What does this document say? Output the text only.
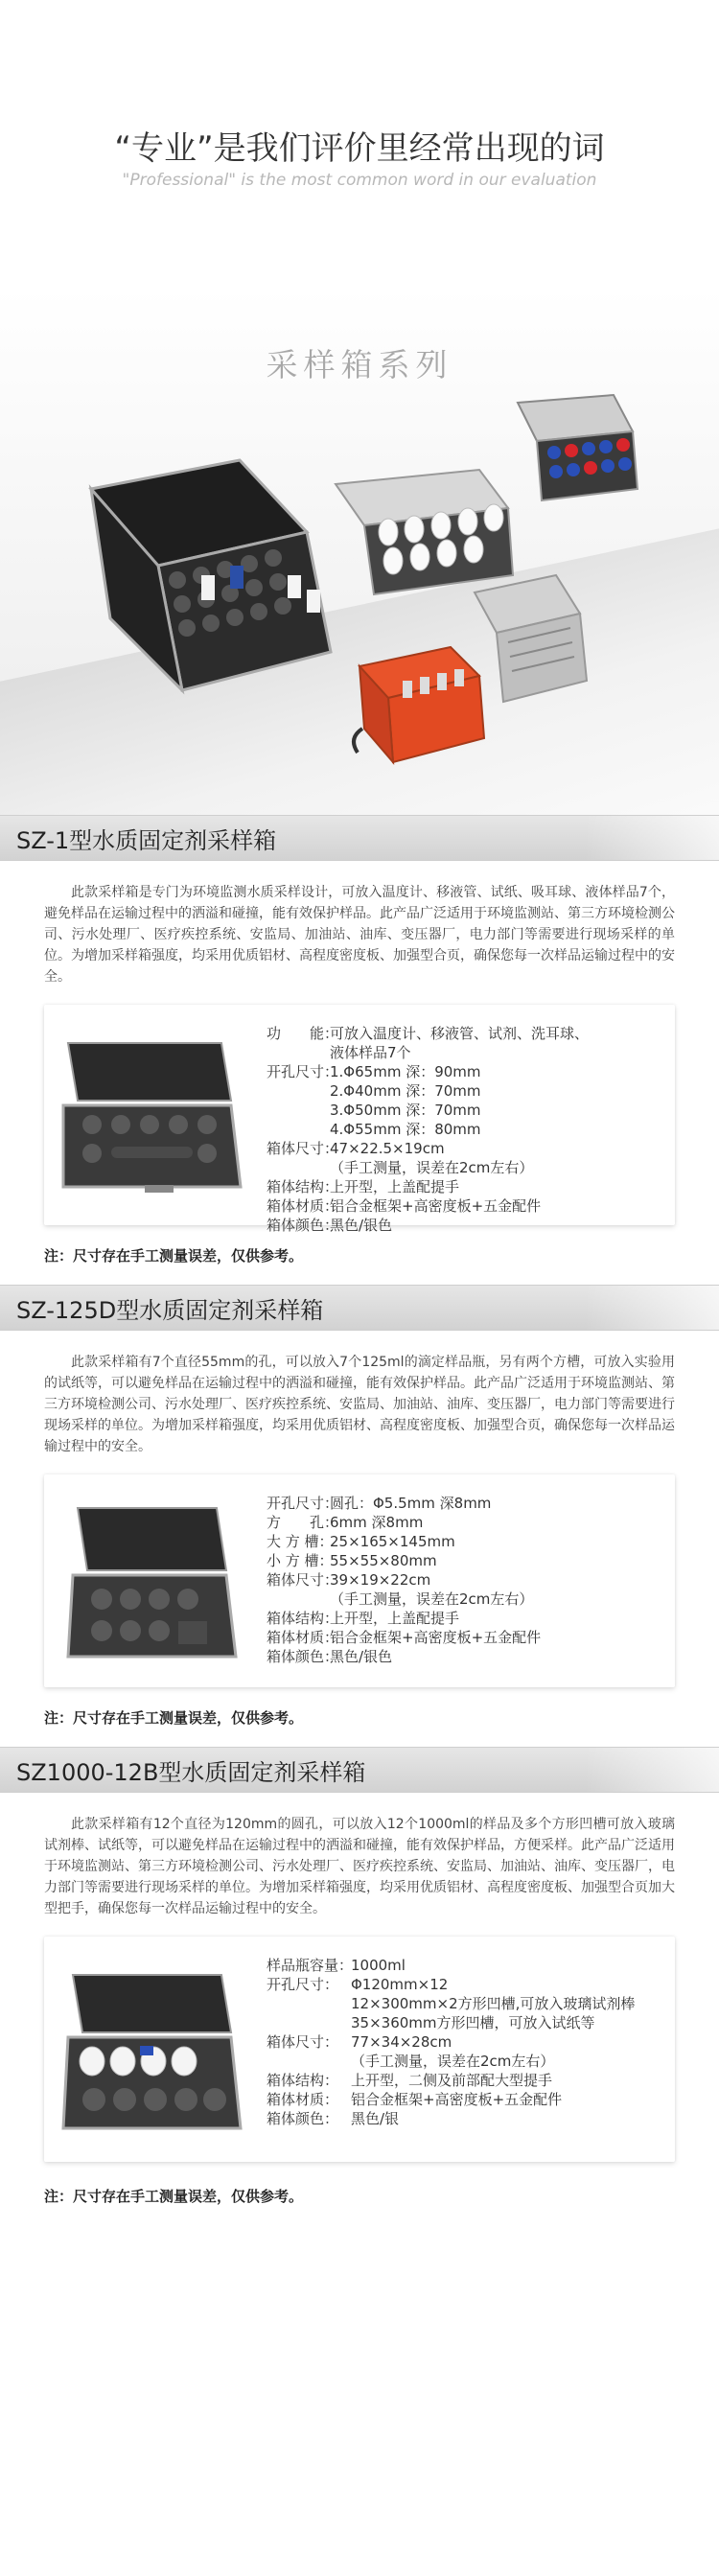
“专业”是我们评价里经常出现的词
"Professional" is the most common word in our evaluation
采样箱系列
SZ-1型水质固定剂采样箱

此款采样箱是专门为环境监测水质采样设计，可放入温度计、移液管、试纸、吸耳球、液体样品7个，避免样品在运输过程中的洒溢和碰撞，能有效保护样品。此产品广泛适用于环境监测站、第三方环境检测公司、污水处理厂、医疗疾控系统、安监局、加油站、油库、变压器厂，电力部门等需要进行现场采样的单位。为增加采样箱强度，均采用优质铝材、高程度密度板、加强型合页，确保您每一次样品运输过程中的安全。

功　　能：
可放入温度计、移液管、试剂、洗耳球、
液体样品7个
开孔尺寸：
1.Φ65mm 深：90mm
2.Φ40mm 深：70mm
3.Φ50mm 深：70mm
4.Φ55mm 深：80mm
箱体尺寸：
47×22.5×19cm
（手工测量，误差在2cm左右）
箱体结构：
上开型，上盖配提手
箱体材质：
铝合金框架+高密度板+五金配件
箱体颜色：
黑色/银色
注：尺寸存在手工测量误差，仅供参考。
SZ-125D型水质固定剂采样箱

此款采样箱有7个直径55mm的孔，可以放入7个125ml的滴定样品瓶，另有两个方槽，可放入实验用的试纸等，可以避免样品在运输过程中的洒溢和碰撞，能有效保护样品。此产品广泛适用于环境监测站、第三方环境检测公司、污水处理厂、医疗疾控系统、安监局、加油站、油库、变压器厂，电力部门等需要进行现场采样的单位。为增加采样箱强度，均采用优质铝材、高程度密度板、加强型合页，确保您每一次样品运输过程中的安全。

开孔尺寸：
圆孔：Φ5.5mm 深8mm
方　　孔：
6mm 深8mm
大 方 槽：
25×165×145mm
小 方 槽：
55×55×80mm
箱体尺寸：
39×19×22cm
（手工测量，误差在2cm左右）
箱体结构：
上开型，上盖配提手
箱体材质：
铝合金框架+高密度板+五金配件
箱体颜色：
黑色/银色
注：尺寸存在手工测量误差，仅供参考。
SZ1000-12B型水质固定剂采样箱

此款采样箱有12个直径为120mm的圆孔，可以放入12个1000ml的样品及多个方形凹槽可放入玻璃试剂棒、试纸等，可以避免样品在运输过程中的洒溢和碰撞，能有效保护样品，方便采样。此产品广泛适用于环境监测站、第三方环境检测公司、污水处理厂、医疗疾控系统、安监局、加油站、油库、变压器厂，电力部门等需要进行现场采样的单位。为增加采样箱强度，均采用优质铝材、高程度密度板、加强型合页加大型把手，确保您每一次样品运输过程中的安全。

样品瓶容量：
1000ml
开孔尺寸： Φ120mm×12
12×300mm×2方形凹槽,可放入玻璃试剂棒
35×360mm方形凹槽，可放入试纸等
箱体尺寸： 77×34×28cm
（手工测量，误差在2cm左右）
箱体结构： 上开型，二侧及前部配大型提手
箱体材质： 铝合金框架+高密度板+五金配件
箱体颜色： 黑色/银
注：尺寸存在手工测量误差，仅供参考。
